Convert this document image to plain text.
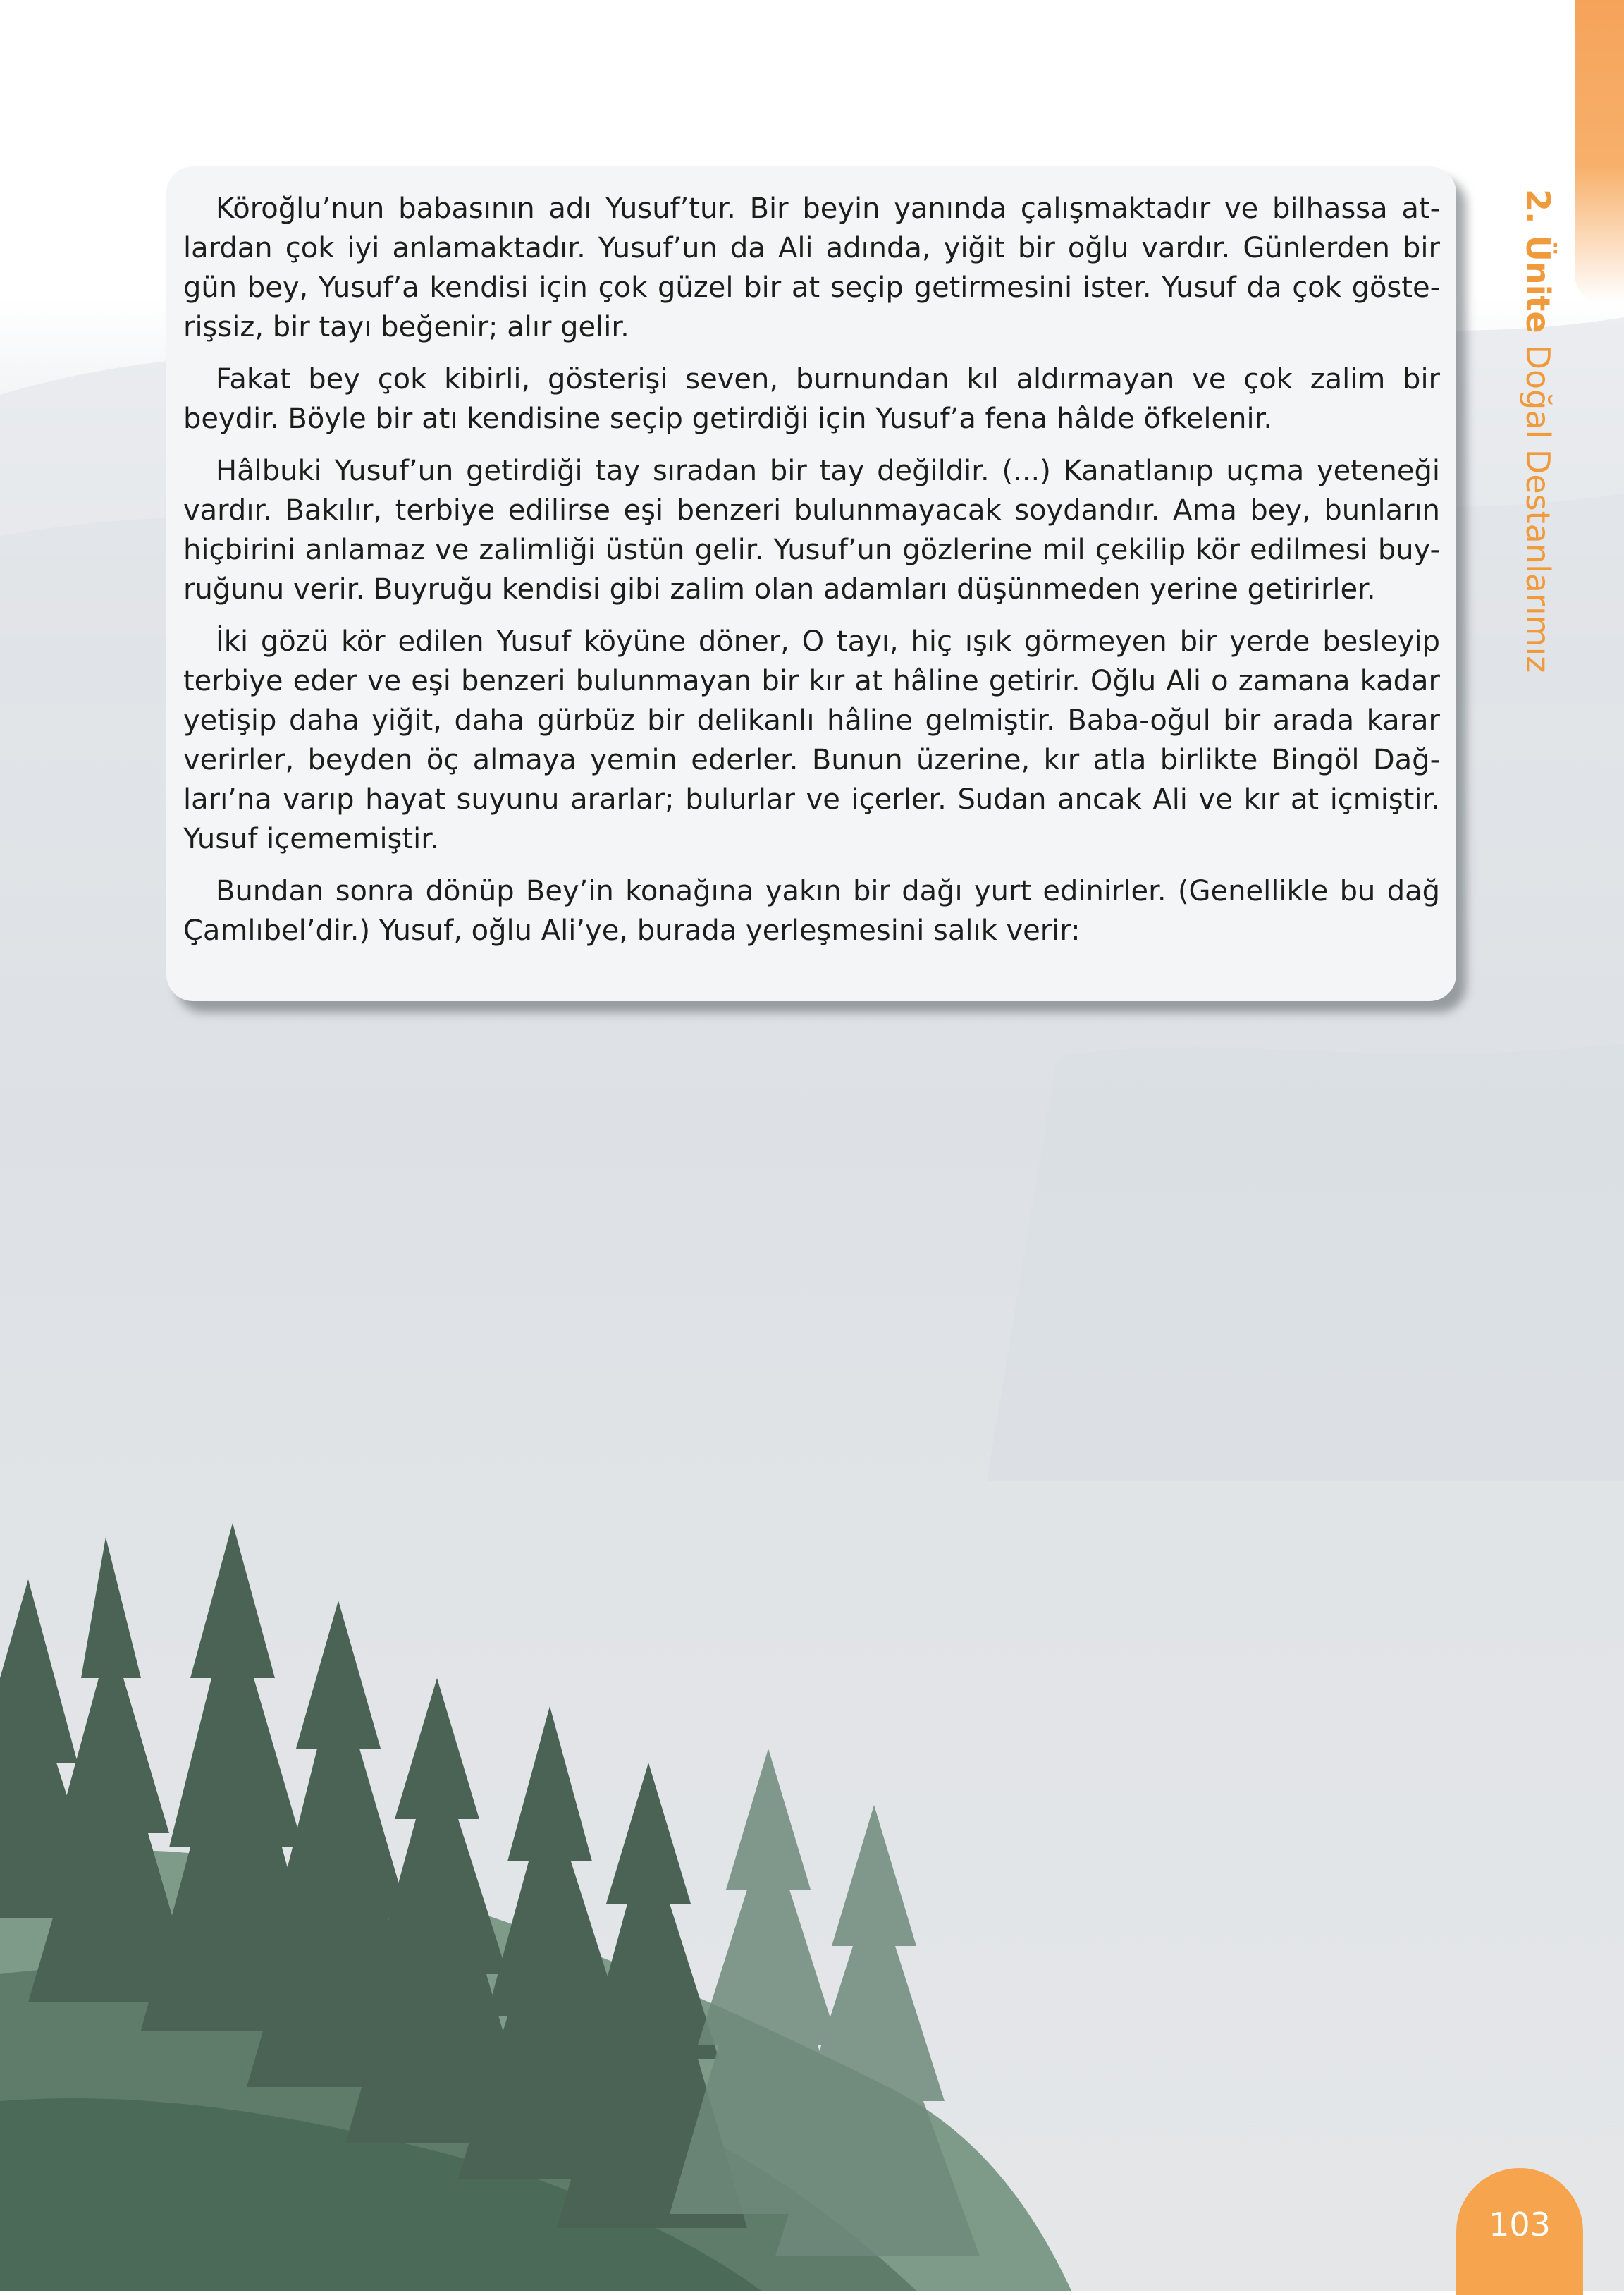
Köroğlu’nun babasının adı Yusuf’tur. Bir beyin yanında çalışmaktadır ve bilhassa at-lardan çok iyi anlamaktadır. Yusuf’un da Ali adında, yiğit bir oğlu vardır. Günlerden bir gün bey, Yusuf’a kendisi için çok güzel bir at seçip getirmesini ister. Yusuf da çok göste-rişsiz, bir tayı beğenir; alır gelir.

Fakat bey çok kibirli, gösterişi seven, burnundan kıl aldırmayan ve çok zalim bir beydir. Böyle bir atı kendisine seçip getirdiği için Yusuf’a fena hâlde öfkelenir.

Hâlbuki Yusuf’un getirdiği tay sıradan bir tay değildir. (...) Kanatlanıp uçma yeteneği vardır. Bakılır, terbiye edilirse eşi benzeri bulunmayacak soydandır. Ama bey, bunların hiçbirini anlamaz ve zalimliği üstün gelir. Yusuf’un gözlerine mil çekilip kör edilmesi buy-ruğunu verir. Buyruğu kendisi gibi zalim olan adamları düşünmeden yerine getirirler.

İki gözü kör edilen Yusuf köyüne döner, O tayı, hiç ışık görmeyen bir yerde besleyip terbiye eder ve eşi benzeri bulunmayan bir kır at hâline getirir. Oğlu Ali o zamana kadar yetişip daha yiğit, daha gürbüz bir delikanlı hâline gelmiştir. Baba-oğul bir arada karar verirler, beyden öç almaya yemin ederler. Bunun üzerine, kır atla birlikte Bingöl Dağ-ları’na varıp hayat suyunu ararlar; bulurlar ve içerler. Sudan ancak Ali ve kır at içmiştir. Yusuf içememiştir.

Bundan sonra dönüp Bey’in konağına yakın bir dağı yurt edinirler. (Genellikle bu dağ Çamlıbel’dir.) Yusuf, oğlu Ali’ye, burada yerleşmesini salık verir:

2. Ünite Doğal Destanlarımız
103
